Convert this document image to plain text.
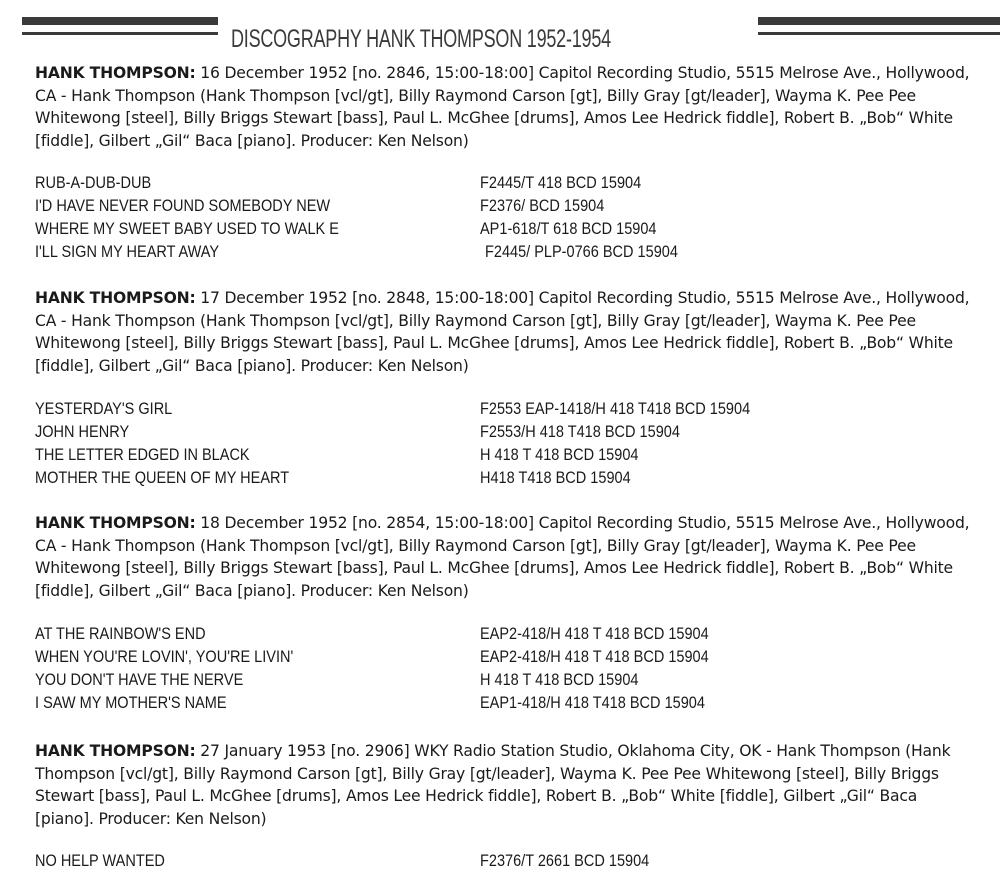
DISCOGRAPHY HANK THOMPSON 1952-1954

HANK THOMPSON: 16 December 1952 [no. 2846, 15:00-18:00] Capitol Recording Studio, 5515 Melrose Ave., Hollywood, CA - Hank Thompson (Hank Thompson [vcl/gt], Billy Raymond Carson [gt], Billy Gray [gt/leader], Wayma K. Pee Pee Whitewong [steel], Billy Briggs Stewart [bass], Paul L. McGhee [drums], Amos Lee Hedrick fiddle], Robert B. „Bob“ White [fiddle], Gilbert „Gil“ Baca [piano]. Producer: Ken Nelson)

RUB-A-DUB-DUB	F2445/T 418 BCD 15904
I'D HAVE NEVER FOUND SOMEBODY NEW	F2376/ BCD 15904
WHERE MY SWEET BABY USED TO WALK E	AP1-618/T 618 BCD 15904
I'LL SIGN MY HEART AWAY	F2445/ PLP-0766 BCD 15904

HANK THOMPSON: 17 December 1952 [no. 2848, 15:00-18:00] Capitol Recording Studio, 5515 Melrose Ave., Hollywood, CA - Hank Thompson (Hank Thompson [vcl/gt], Billy Raymond Carson [gt], Billy Gray [gt/leader], Wayma K. Pee Pee Whitewong [steel], Billy Briggs Stewart [bass], Paul L. McGhee [drums], Amos Lee Hedrick fiddle], Robert B. „Bob“ White [fiddle], Gilbert „Gil“ Baca [piano]. Producer: Ken Nelson)

YESTERDAY'S GIRL	F2553 EAP-1418/H 418 T418 BCD 15904
JOHN HENRY	F2553/H 418 T418 BCD 15904
THE LETTER EDGED IN BLACK	H 418 T 418 BCD 15904
MOTHER THE QUEEN OF MY HEART	H418 T418 BCD 15904

HANK THOMPSON: 18 December 1952 [no. 2854, 15:00-18:00] Capitol Recording Studio, 5515 Melrose Ave., Hollywood, CA - Hank Thompson (Hank Thompson [vcl/gt], Billy Raymond Carson [gt], Billy Gray [gt/leader], Wayma K. Pee Pee Whitewong [steel], Billy Briggs Stewart [bass], Paul L. McGhee [drums], Amos Lee Hedrick fiddle], Robert B. „Bob“ White [fiddle], Gilbert „Gil“ Baca [piano]. Producer: Ken Nelson)

AT THE RAINBOW'S END	EAP2-418/H 418 T 418 BCD 15904
WHEN YOU'RE LOVIN', YOU'RE LIVIN'	EAP2-418/H 418 T 418 BCD 15904
YOU DON'T HAVE THE NERVE	H 418 T 418 BCD 15904
I SAW MY MOTHER'S NAME	EAP1-418/H 418 T418 BCD 15904

HANK THOMPSON: 27 January 1953 [no. 2906] WKY Radio Station Studio, Oklahoma City, OK - Hank Thompson (Hank Thompson [vcl/gt], Billy Raymond Carson [gt], Billy Gray [gt/leader], Wayma K. Pee Pee Whitewong [steel], Billy Briggs Stewart [bass], Paul L. McGhee [drums], Amos Lee Hedrick fiddle], Robert B. „Bob“ White [fiddle], Gilbert „Gil“ Baca [piano]. Producer: Ken Nelson)

NO HELP WANTED	F2376/T 2661 BCD 15904
